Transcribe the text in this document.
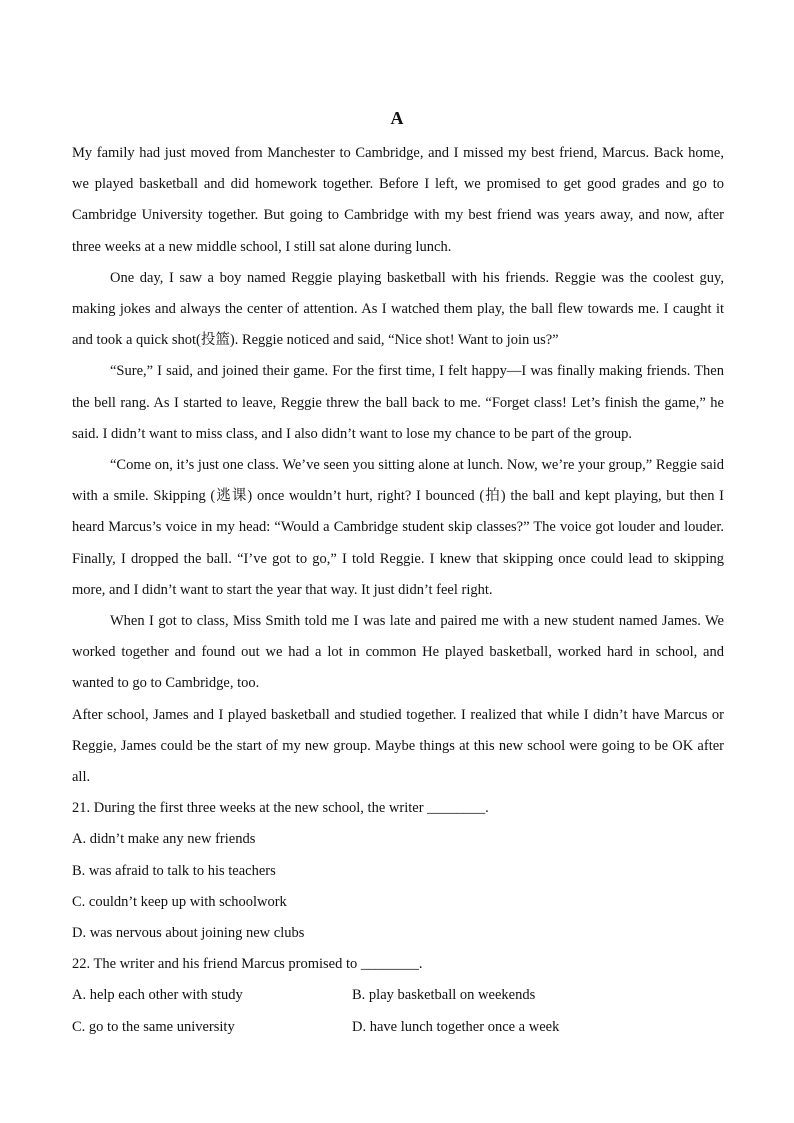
A

My family had just moved from Manchester to Cambridge, and I missed my best friend, Marcus. Back home, we played basketball and did homework together. Before I left, we promised to get good grades and go to Cambridge University together. But going to Cambridge with my best friend was years away, and now, after three weeks at a new middle school, I still sat alone during lunch.

One day, I saw a boy named Reggie playing basketball with his friends. Reggie was the coolest guy, making jokes and always the center of attention. As I watched them play, the ball flew towards me. I caught it and took a quick shot(投篮). Reggie noticed and said, “Nice shot! Want to join us?”

“Sure,” I said, and joined their game. For the first time, I felt happy—I was finally making friends. Then the bell rang. As I started to leave, Reggie threw the ball back to me. “Forget class! Let’s finish the game,” he said. I didn’t want to miss class, and I also didn’t want to lose my chance to be part of the group.

“Come on, it’s just one class. We’ve seen you sitting alone at lunch. Now, we’re your group,” Reggie said with a smile. Skipping (逃课) once wouldn’t hurt, right? I bounced (拍) the ball and kept playing, but then I heard Marcus’s voice in my head: “Would a Cambridge student skip classes?” The voice got louder and louder. Finally, I dropped the ball. “I’ve got to go,” I told Reggie. I knew that skipping once could lead to skipping more, and I didn’t want to start the year that way. It just didn’t feel right.

When I got to class, Miss Smith told me I was late and paired me with a new student named James. We worked together and found out we had a lot in common He played basketball, worked hard in school, and wanted to go to Cambridge, too.

After school, James and I played basketball and studied together. I realized that while I didn’t have Marcus or Reggie, James could be the start of my new group. Maybe things at this new school were going to be OK after all.

21. During the first three weeks at the new school, the writer ________.

A. didn’t make any new friends

B. was afraid to talk to his teachers

C. couldn’t keep up with schoolwork

D. was nervous about joining new clubs

22. The writer and his friend Marcus promised to ________.

A. help each other with study	B. play basketball on weekends
C. go to the same university	D. have lunch together once a week
